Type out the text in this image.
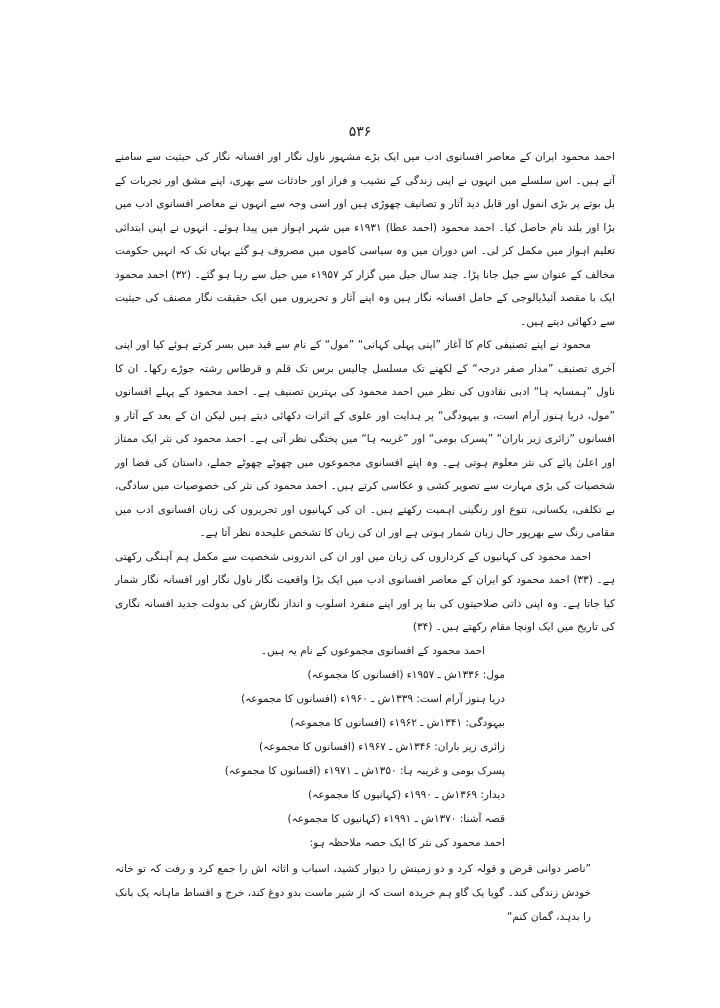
۵۳۶

احمد محمود ایران کے معاصر افسانوی ادب میں ایک بڑے مشہور ناول نگار اور افسانہ نگار کی حیثیت سے سامنے آتے ہیں۔ اس سلسلے میں انہوں نے اپنی زندگی کے نشیب و فراز اور حادثات سے بھری، اپنے مشق اور تجربات کے بل بوتے پر بڑی انمول اور قابل دید آثار و تصانیف چھوڑی ہیں اور اسی وجہ سے انہوں نے معاصر افسانوی ادب میں بڑا اور بلند نام حاصل کیا۔ احمد محمود (احمد عطا) ۱۹۳۱ء میں شہر اہواز میں پیدا ہوئے۔ انہوں نے اپنی ابتدائی تعلیم اہواز میں مکمل کر لی۔ اس دوران میں وہ سیاسی کاموں میں مصروف ہو گئے یہاں تک کہ انہیں حکومت مخالف کے عنوان سے جیل جانا پڑا۔ چند سال جیل میں گزار کر ۱۹۵۷ء میں جیل سے رہا ہو گئے۔ (۳۲) احمد محمود ایک با مقصد آئیڈیالوجی کے حامل افسانہ نگار ہیں وہ اپنے آثار و تحریروں میں ایک حقیقت نگار مصنف کی حیثیت سے دکھائی دیتے ہیں۔

محمود نے اپنے تصنیفی کام کا آغاز ”اپنی پہلی کہانی“ ”مول“ کے نام سے قید میں بسر کرتے ہوئے کیا اور اپنی آخری تصنیف ”مدار صفر درجہ“ کے لکھنے تک مسلسل چالیس برس تک قلم و قرطاس رشتہ جوڑے رکھا۔ ان کا ناول ”ہمسایہ ہا“ ادبی نقادوں کی نظر میں احمد محمود کی بہترین تصنیف ہے۔ احمد محمود کے پہلے افسانوں ”مول، دریا ہنوز آرام است، و بیہودگی“ پر ہدایت اور علوی کے اثرات دکھائی دیتے ہیں لیکن ان کے بعد کے آثار و افسانوں ”زائری زیر باران“ ”پسرک بومی“ اور ”غریبہ ہا“ میں پختگی نظر آتی ہے۔ احمد محمود کی نثر ایک ممتاز اور اعلیٰ پائے کی نثر معلوم ہوتی ہے۔ وہ اپنے افسانوی مجموعوں میں چھوٹے چھوٹے جملے، داستان کی فضا اور شخصیات کی بڑی مہارت سے تصویر کشی و عکاسی کرتے ہیں۔ احمد محمود کی نثر کی خصوصیات میں سادگی، بے تکلفی، یکسانی، تنوع اور رنگینی اہمیت رکھتے ہیں۔ ان کی کہانیوں اور تحریروں کی زبان افسانوی ادب میں مقامی رنگ سے بھرپور حال زبان شمار ہوتی ہے اور ان کی زبان کا تشخص علیحدہ نظر آتا ہے۔

احمد محمود کی کہانیوں کے کرداروں کی زبان میں اور ان کی اندرونی شخصیت سے مکمل ہم آہنگی رکھتی ہے۔ (۳۳) احمد محمود کو ایران کے معاصر افسانوی ادب میں ایک بڑا واقعیت نگار ناول نگار اور افسانہ نگار شمار کیا جاتا ہے۔ وہ اپنی ذاتی صلاحیتوں کی بنا پر اور اپنے منفرد اسلوب و انداز نگارش کی بدولت جدید افسانہ نگاری کی تاریخ میں ایک اونچا مقام رکھتے ہیں۔ (۳۴)

احمد محمود کے افسانوی مجموعوں کے نام یہ ہیں۔

مول: ۱۳۳۶ش ـ ۱۹۵۷ء (افسانوں کا مجموعہ)
دریا ہنوز آرام است: ۱۳۳۹ش ـ ۱۹۶۰ء (افسانوں کا مجموعہ)
بیہودگی: ۱۳۴۱ش ـ ۱۹۶۲ء (افسانوں کا مجموعہ)
زائری زیر باران: ۱۳۴۶ش ـ ۱۹۶۷ء (افسانوں کا مجموعہ)
پسرک بومی و غریبہ ہا: ۱۳۵۰ش ـ ۱۹۷۱ء (افسانوں کا مجموعہ)
دیدار: ۱۳۶۹ش ـ ۱۹۹۰ء (کہانیوں کا مجموعہ)
قصہ آشنا: ۱۳۷۰ش ـ ۱۹۹۱ء (کہانیوں کا مجموعہ)

احمد محمود کی نثر کا ایک حصہ ملاحظہ ہو:

”ناصر دوانی قرض و قولہ کرد و دو زمینش را دیوار کشید، اسباب و اثاثہ اش را جمع کرد و رفت کہ تو خانہ خودش زندگی کند۔ گویا یک گاو ہم خریدہ است کہ از شیر ماست بدو دوغ کند، خرج و اقساط ماہانہ یک بانک را بدہد، گمان کنم“
